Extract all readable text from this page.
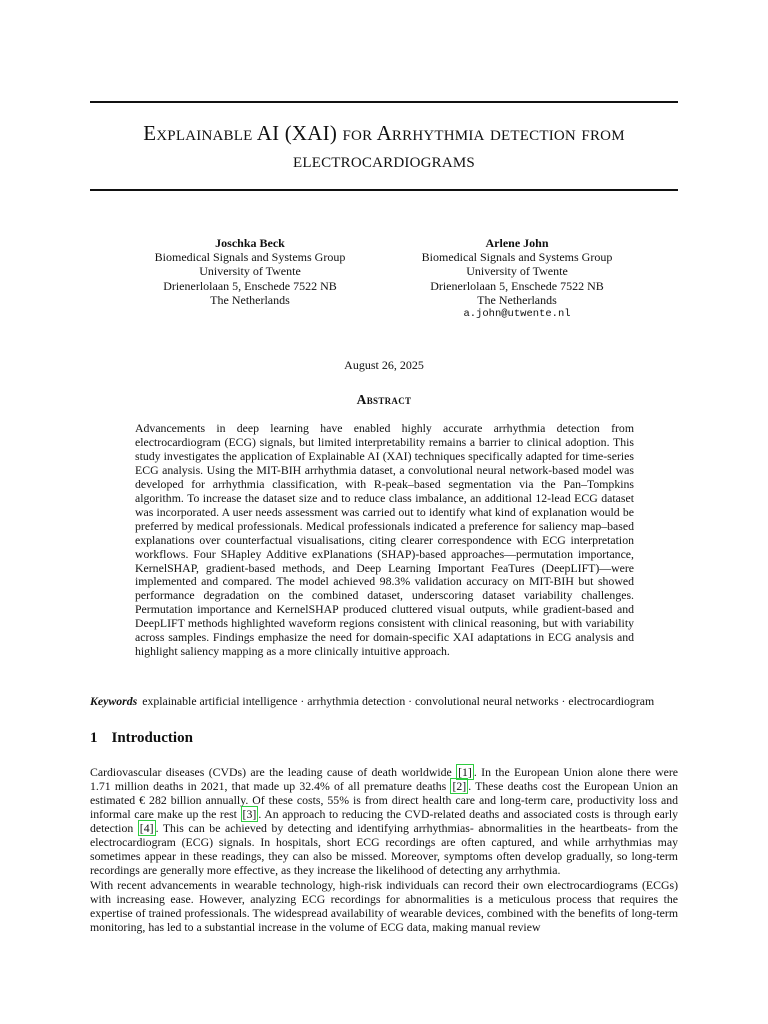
Explainable AI (XAI) for Arrhythmia detection from
electrocardiograms
Joschka Beck
Biomedical Signals and Systems Group
University of Twente
Drienerlolaan 5, Enschede 7522 NB
The Netherlands
Arlene John
Biomedical Signals and Systems Group
University of Twente
Drienerlolaan 5, Enschede 7522 NB
The Netherlands
a.john@utwente.nl
August 26, 2025
Abstract

Advancements in deep learning have enabled highly accurate arrhythmia detection from electrocardiogram (ECG) signals, but limited interpretability remains a barrier to clinical adoption. This study investigates the application of Explainable AI (XAI) techniques specifically adapted for time-series ECG analysis. Using the MIT-BIH arrhythmia dataset, a convolutional neural network-based model was developed for arrhythmia classification, with R-peak–based segmentation via the Pan–Tompkins algorithm. To increase the dataset size and to reduce class imbalance, an additional 12-lead ECG dataset was incorporated. A user needs assessment was carried out to identify what kind of explanation would be preferred by medical professionals. Medical professionals indicated a preference for saliency map–based explanations over counterfactual visualisations, citing clearer correspondence with ECG interpretation workflows. Four SHapley Additive exPlanations (SHAP)-based approaches—permutation importance, KernelSHAP, gradient-based methods, and Deep Learning Important FeaTures (DeepLIFT)—were implemented and compared. The model achieved 98.3% validation accuracy on MIT-BIH but showed performance degradation on the combined dataset, underscoring dataset variability challenges. Permutation importance and KernelSHAP produced cluttered visual outputs, while gradient-based and DeepLIFT methods highlighted waveform regions consistent with clinical reasoning, but with variability across samples. Findings emphasize the need for domain-specific XAI adaptations in ECG analysis and highlight saliency mapping as a more clinically intuitive approach.

Keywords explainable artificial intelligence · arrhythmia detection · convolutional neural networks · electrocardiogram
1 Introduction

Cardiovascular diseases (CVDs) are the leading cause of death worldwide [1] . In the European Union alone there were 1.71 million deaths in 2021, that made up 32.4% of all premature deaths [2] . These deaths cost the European Union an estimated € 282 billion annually. Of these costs, 55% is from direct health care and long-term care, productivity loss and informal care make up the rest [3] . An approach to reducing the CVD-related deaths and associated costs is through early detection [4] . This can be achieved by detecting and identifying arrhythmias- abnormalities in the heartbeats- from the electrocardiogram (ECG) signals. In hospitals, short ECG recordings are often captured, and while arrhythmias may sometimes appear in these readings, they can also be missed. Moreover, symptoms often develop gradually, so long-term recordings are generally more effective, as they increase the likelihood of detecting any arrhythmia.

With recent advancements in wearable technology, high-risk individuals can record their own electrocardiograms (ECGs) with increasing ease. However, analyzing ECG recordings for abnormalities is a meticulous process that requires the expertise of trained professionals. The widespread availability of wearable devices, combined with the benefits of long-term monitoring, has led to a substantial increase in the volume of ECG data, making manual review
